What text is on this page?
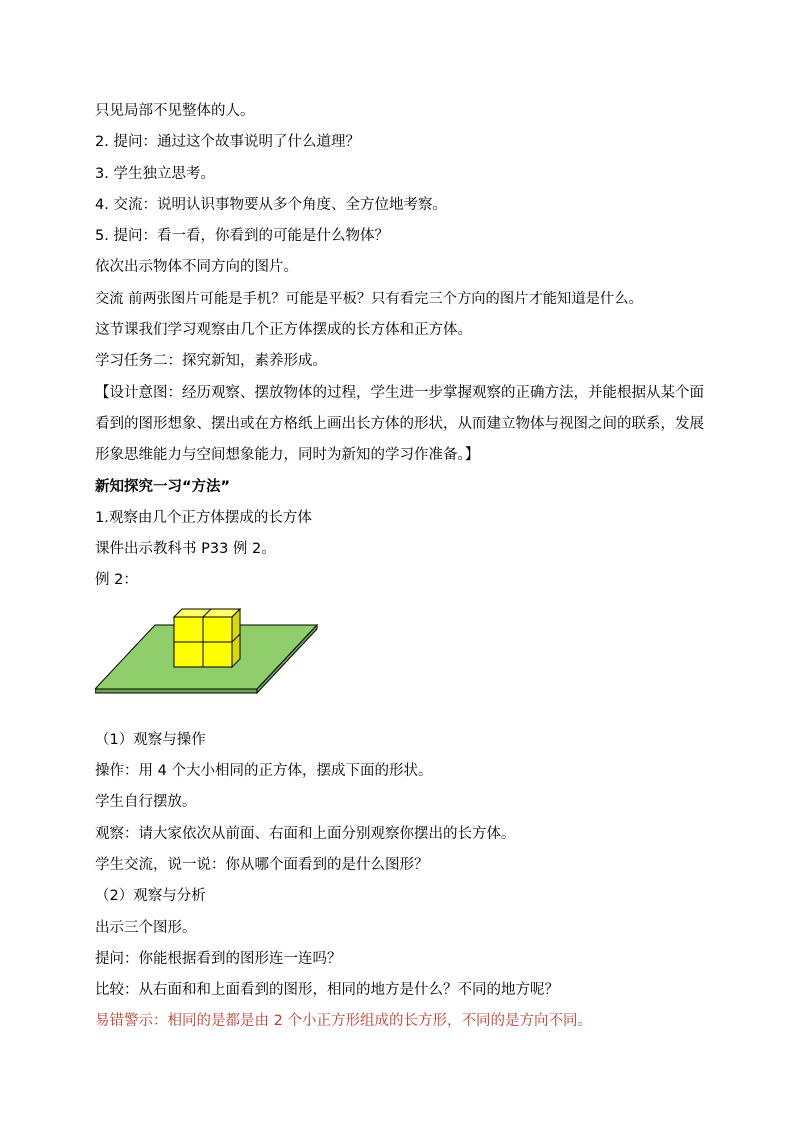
只见局部不见整体的人。
2. 提问：通过这个故事说明了什么道理？
3. 学生独立思考。
4. 交流：说明认识事物要从多个角度、全方位地考察。
5. 提问：看一看，你看到的可能是什么物体？
依次出示物体不同方向的图片。
交流 前两张图片可能是手机？可能是平板？只有看完三个方向的图片才能知道是什么。
这节课我们学习观察由几个正方体摆成的长方体和正方体。
学习任务二：探究新知，素养形成。
【设计意图：经历观察、摆放物体的过程，学生进一步掌握观察的正确方法，并能根据从某个面看到的图形想象、摆出或在方格纸上画出长方体的形状，从而建立物体与视图之间的联系，发展形象思维能力与空间想象能力，同时为新知的学习作准备。】
新知探究一习“方法”
1.观察由几个正方体摆成的长方体
课件出示教科书 P33 例 2。
例 2：
（1）观察与操作
操作：用 4 个大小相同的正方体，摆成下面的形状。
学生自行摆放。
观察：请大家依次从前面、右面和上面分别观察你摆出的长方体。
学生交流，说一说：你从哪个面看到的是什么图形？
（2）观察与分析
出示三个图形。
提问：你能根据看到的图形连一连吗？
比较：从右面和和上面看到的图形，相同的地方是什么？不同的地方呢？
易错警示：相同的是都是由 2 个小正方形组成的长方形，不同的是方向不同。
